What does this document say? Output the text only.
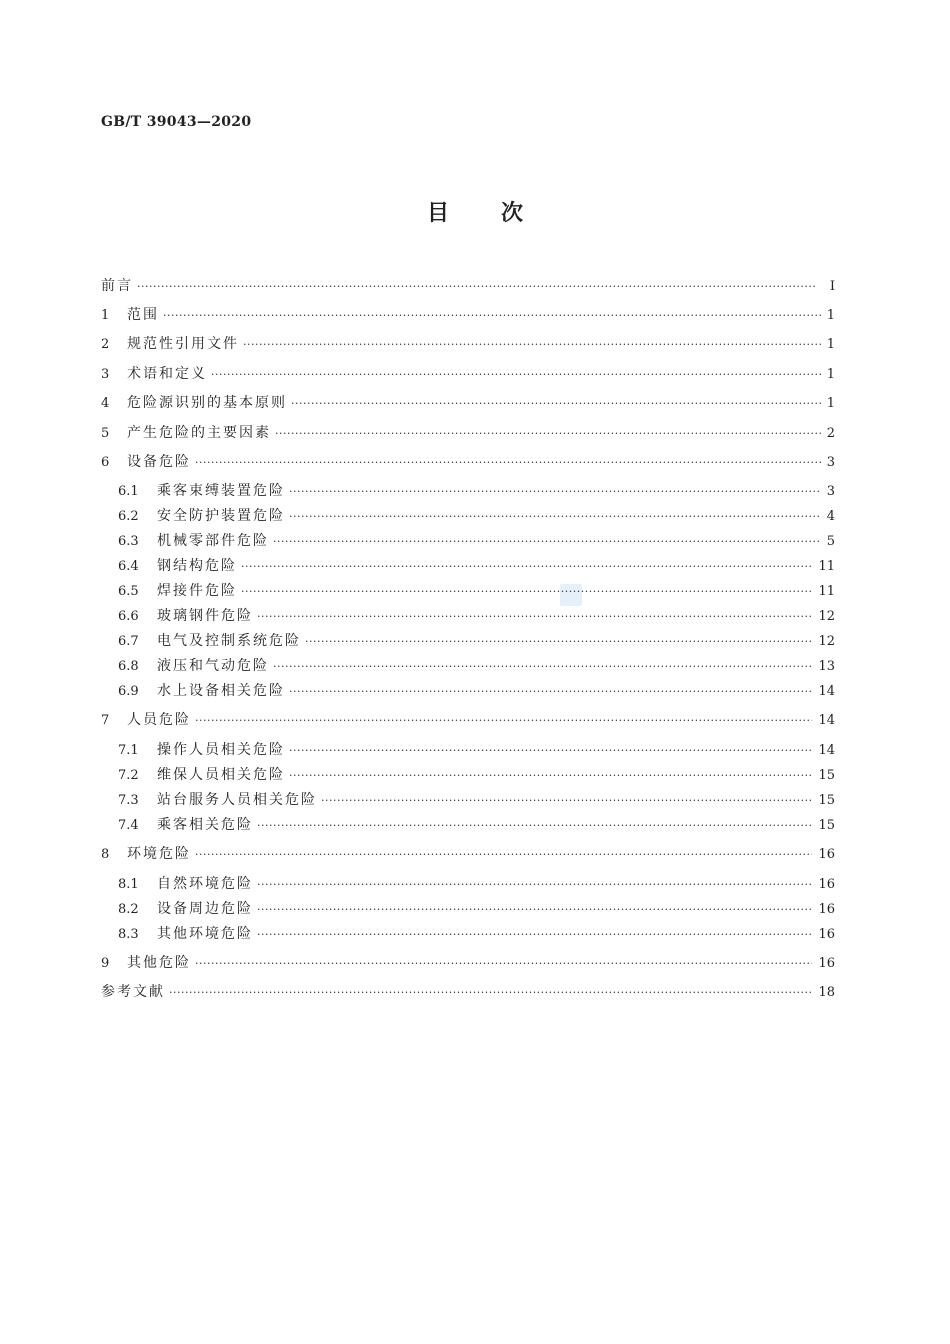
GB/T 39043—2020
目 次
前言 ·····	Ⅰ
1	范围 ·····	1
2	规范性引用文件 ·····	1
3	术语和定义 ·····	1
4	危险源识别的基本原则 ·····	1
5	产生危险的主要因素 ·····	2
6	设备危险 ·····	3
6.1	乘客束缚装置危险 ·····	3
6.2	安全防护装置危险 ·····	4
6.3	机械零部件危险 ·····	5
6.4	钢结构危险 ·····	11
6.5	焊接件危险 ·····	11
6.6	玻璃钢件危险 ·····	12
6.7	电气及控制系统危险 ·····	12
6.8	液压和气动危险 ·····	13
6.9	水上设备相关危险 ·····	14
7	人员危险 ·····	14
7.1	操作人员相关危险 ·····	14
7.2	维保人员相关危险 ·····	15
7.3	站台服务人员相关危险 ·····	15
7.4	乘客相关危险 ·····	15
8	环境危险 ·····	16
8.1	自然环境危险 ·····	16
8.2	设备周边危险 ·····	16
8.3	其他环境危险 ·····	16
9	其他危险 ·····	16
参考文献 ·····	18
